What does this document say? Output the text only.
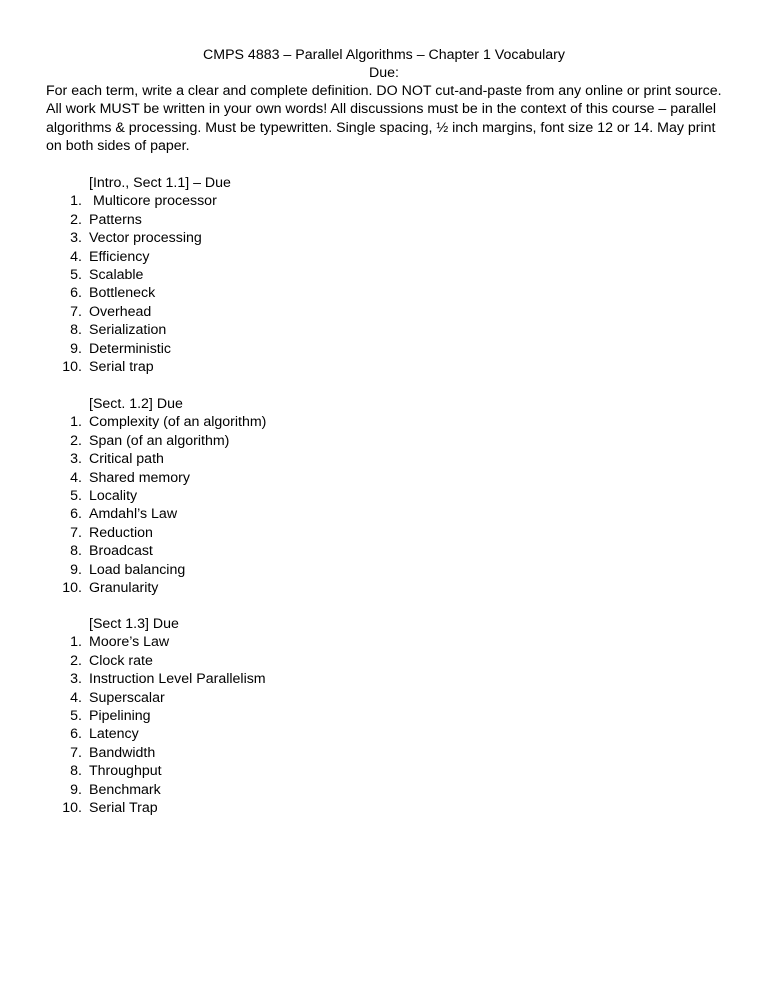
CMPS 4883 – Parallel Algorithms – Chapter 1 Vocabulary
Due:

For each term, write a clear and complete definition. DO NOT cut-and-paste from any online or print source.

All work MUST be written in your own words! All discussions must be in the context of this course – parallel

algorithms & processing. Must be typewritten. Single spacing, ½ inch margins, font size 12 or 14. May print

on both sides of paper.

[Intro., Sect 1.1] – Due
1. Multicore processor
2. Patterns
3. Vector processing
4. Efficiency
5. Scalable
6. Bottleneck
7. Overhead
8. Serialization
9. Deterministic
10. Serial trap
[Sect. 1.2] Due
1. Complexity (of an algorithm)
2. Span (of an algorithm)
3. Critical path
4. Shared memory
5. Locality
6. Amdahl’s Law
7. Reduction
8. Broadcast
9. Load balancing
10. Granularity
[Sect 1.3] Due
1. Moore’s Law
2. Clock rate
3. Instruction Level Parallelism
4. Superscalar
5. Pipelining
6. Latency
7. Bandwidth
8. Throughput
9. Benchmark
10. Serial Trap
